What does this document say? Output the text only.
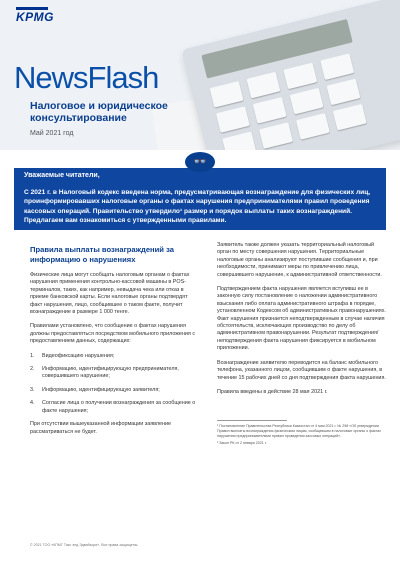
KPMG
NewsFlash
Налоговое и юридическое консультирование
Май 2021 год
Уважаемые читатели,
С 2021 г. в Налоговый кодекс введена норма, предусматривающая вознаграждение для физических лиц, проинформировавших налоговые органы о фактах нарушения предпринимателями правил проведения кассовых операций. Правительство утвердило¹ размер и порядок выплаты таких вознаграждений. Предлагаем вам ознакомиться с утвержденными правилами.
👓
Правила выплаты вознаграждений за информацию о нарушениях
Физические лица могут сообщать налоговым органам о фактах нарушения применения контрольно-кассовой машины в POS-терминалов, таких, как например, невыдача чека или отказ в приеме банковской карты. Если налоговые органы подтвердят факт нарушения, лицо, сообщившее о таком факте, получит вознаграждение в размере 1 000 тенге.
Правилами установлено, что сообщение о фактах нарушения должны предоставляться посредством мобильного приложения с предоставлением данных, содержащих:
1.	Видеофиксацию нарушения;
2.	Информацию, идентифицирующую предпринимателя, совершившего нарушение;
3.	Информацию, идентифицирующую заявителя;
4.	Согласие лица о получении вознаграждения за сообщение о факте нарушения;
При отсутствии вышеуказанной информации заявление рассматриваться не будет.
Заявитель также должен указать территориальный налоговый орган по месту совершения нарушения. Территориальные налоговые органы анализируют поступившие сообщения и, при необходимости, принимают меры по привлечению лица, совершившего нарушение, к административной ответственности.
Подтверждением факта нарушения является вступивш ее в законную силу постановление о наложении административного взыскания либо оплата административного штрафа в порядке, установленном Кодексом об административных правонарушениях. Факт нарушения признается неподтвержденным в случае наличия обстоятельств, исключающих производство по делу об административном правонарушении. Результат подтверждения/ неподтверждения факта нарушения фиксируется в мобильном приложении.
Вознаграждение заявителю переводится на баланс мобильного телефона, указанного лицом, сообщившим о факте нарушения, в течение 15 рабочих дней со дня подтверждения факта нарушения.
Правила введены в действие 28 мая 2021 г.
¹ Постановление Правительства Республики Казахстан от 4 мая 2021 г. № 298 «Об утверждении Правил выплаты вознаграждения физическим лицам, сообщившим в налоговые органы о фактах нарушения предпринимателями правил проведения кассовых операций».
² Закон РК от 2 января 2021 г.
© 2021 ТОО «КПМГ Такс энд Эдвайзори». Все права защищены.
